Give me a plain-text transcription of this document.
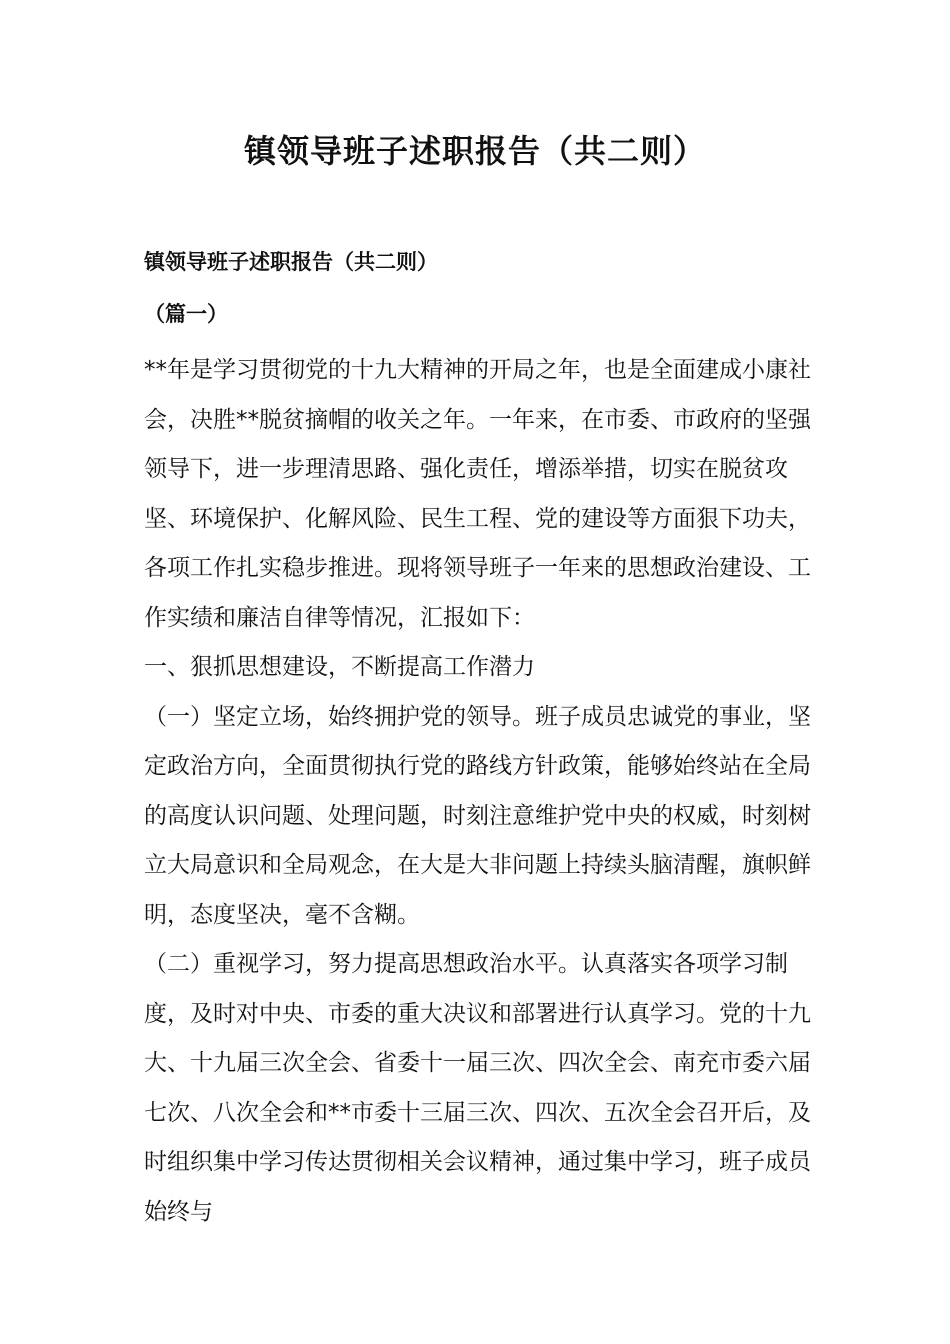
镇领导班子述职报告（共二则）

镇领导班子述职报告（共二则）

（篇一）

**年是学习贯彻党的十九大精神的开局之年，也是全面建成小康社会，决胜**脱贫摘帽的收关之年。一年来，在市委、市政府的坚强领导下，进一步理清思路、强化责任，增添举措，切实在脱贫攻坚、环境保护、化解风险、民生工程、党的建设等方面狠下功夫，各项工作扎实稳步推进。现将领导班子一年来的思想政治建设、工作实绩和廉洁自律等情况，汇报如下：

一、狠抓思想建设，不断提高工作潜力

（一）坚定立场，始终拥护党的领导。班子成员忠诚党的事业，坚定政治方向，全面贯彻执行党的路线方针政策，能够始终站在全局的高度认识问题、处理问题，时刻注意维护党中央的权威，时刻树立大局意识和全局观念，在大是大非问题上持续头脑清醒，旗帜鲜明，态度坚决，毫不含糊。

（二）重视学习，努力提高思想政治水平。认真落实各项学习制度，及时对中央、市委的重大决议和部署进行认真学习。党的十九大、十九届三次全会、省委十一届三次、四次全会、南充市委六届七次、八次全会和**市委十三届三次、四次、五次全会召开后，及时组织集中学习传达贯彻相关会议精神，通过集中学习，班子成员始终与
